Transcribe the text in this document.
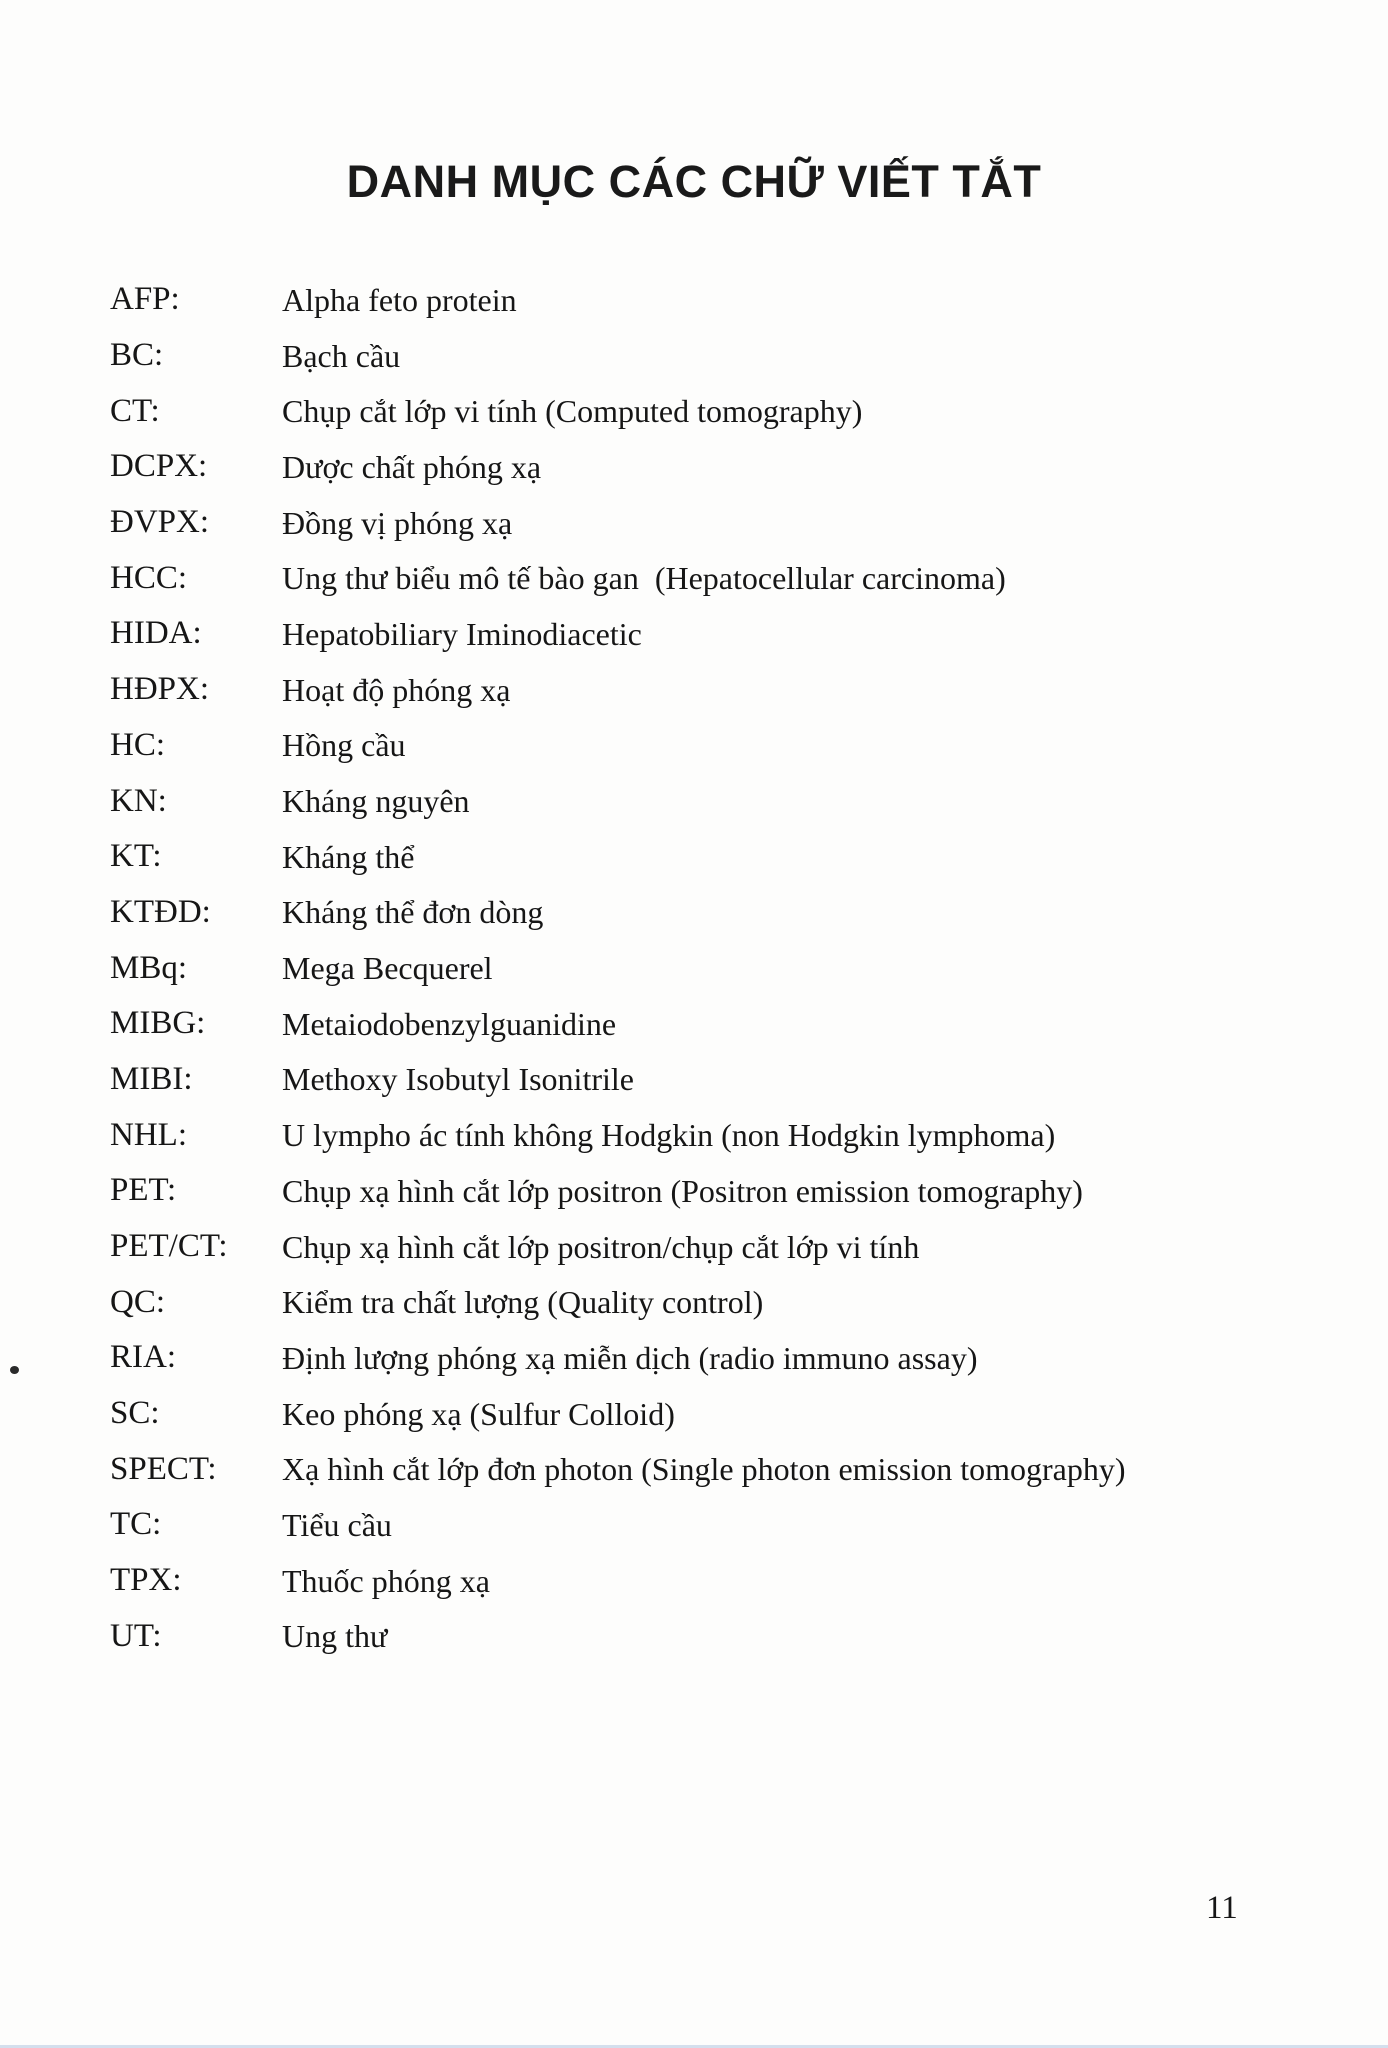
DANH MỤC CÁC CHỮ VIẾT TẮT
AFP:	Alpha feto protein
BC:	Bạch cầu
CT:	Chụp cắt lớp vi tính (Computed tomography)
DCPX:	Dược chất phóng xạ
ĐVPX:	Đồng vị phóng xạ
HCC:	Ung thư biểu mô tế bào gan  (Hepatocellular carcinoma)
HIDA:	Hepatobiliary Iminodiacetic
HĐPX:	Hoạt độ phóng xạ
HC:	Hồng cầu
KN:	Kháng nguyên
KT:	Kháng thể
KTĐD:	Kháng thể đơn dòng
MBq:	Mega Becquerel
MIBG:	Metaiodobenzylguanidine
MIBI:	Methoxy Isobutyl Isonitrile
NHL:	U lympho ác tính không Hodgkin (non Hodgkin lymphoma)
PET:	Chụp xạ hình cắt lớp positron (Positron emission tomography)
PET/CT:	Chụp xạ hình cắt lớp positron/chụp cắt lớp vi tính
QC:	Kiểm tra chất lượng (Quality control)
RIA:	Định lượng phóng xạ miễn dịch (radio immuno assay)
SC:	Keo phóng xạ (Sulfur Colloid)
SPECT:	Xạ hình cắt lớp đơn photon (Single photon emission tomography)
TC:	Tiểu cầu
TPX:	Thuốc phóng xạ
UT:	Ung thư
11
